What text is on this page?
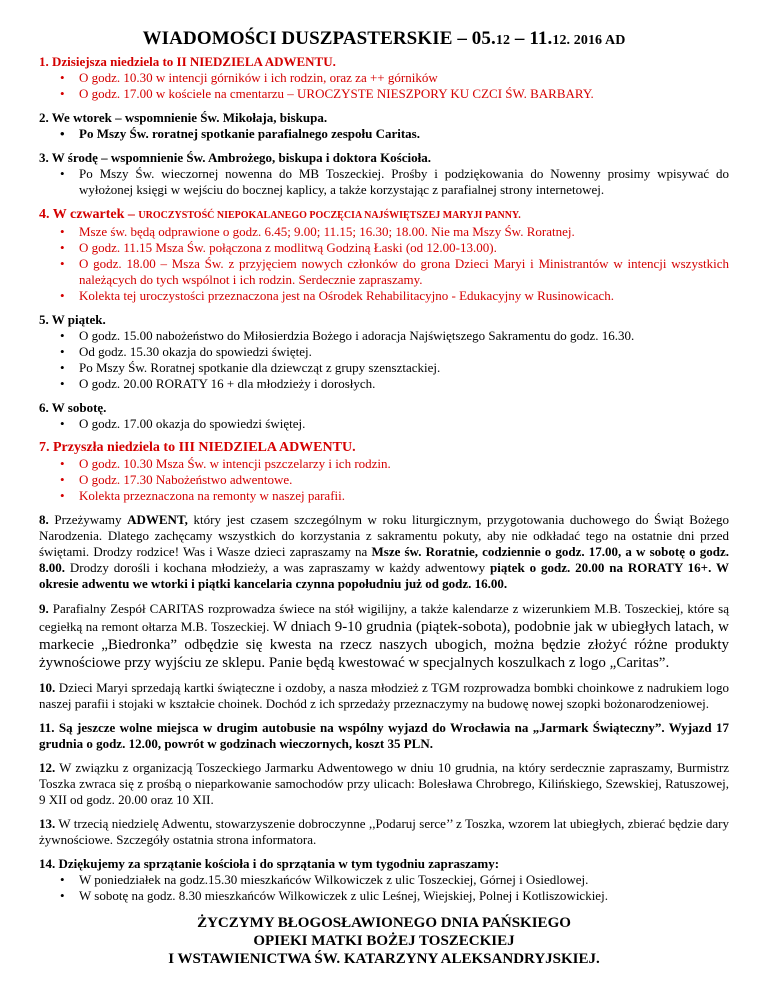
WIADOMOŚCI DUSZPASTERSKIE – 05.12 – 11.12. 2016 AD
1. Dzisiejsza niedziela to II NIEDZIELA ADWENTU.
• O godz. 10.30 w intencji górników i ich rodzin, oraz za ++ górników
• O godz. 17.00 w kościele na cmentarzu – UROCZYSTE NIESZPORY KU CZCI ŚW. BARBARY.
2. We wtorek – wspomnienie Św. Mikołaja, biskupa.
• Po Mszy Św. roratnej spotkanie parafialnego zespołu Caritas.
3. W środę – wspomnienie Św. Ambrożego, biskupa i doktora Kościoła.
• Po Mszy Św. wieczornej nowenna do MB Toszeckiej. Prośby i podziękowania do Nowenny prosimy wpisywać do wyłożonej księgi w wejściu do bocznej kaplicy, a także korzystając z parafialnej strony internetowej.
4. W czwartek – UROCZYSTOŚĆ NIEPOKALANEGO POCZĘCIA NAJŚWIĘTSZEJ MARYJI PANNY.
• Msze św. będą odprawione o godz. 6.45; 9.00; 11.15; 16.30; 18.00. Nie ma Mszy Św. Roratnej.
• O godz. 11.15 Msza Św. połączona z modlitwą Godziną Łaski (od 12.00-13.00).
• O godz. 18.00 – Msza Św. z przyjęciem nowych członków do grona Dzieci Maryi i Ministrantów w intencji wszystkich należących do tych wspólnot i ich rodzin. Serdecznie zapraszamy.
• Kolekta tej uroczystości przeznaczona jest na Ośrodek Rehabilitacyjno - Edukacyjny w Rusinowicach.
5. W piątek.
• O godz. 15.00 nabożeństwo do Miłosierdzia Bożego i adoracja Najświętszego Sakramentu do godz. 16.30.
• Od godz. 15.30 okazja do spowiedzi świętej.
• Po Mszy Św. Roratnej spotkanie dla dziewcząt z grupy szensztackiej.
• O godz. 20.00 RORATY 16 + dla młodzieży i dorosłych.
6. W sobotę.
• O godz. 17.00 okazja do spowiedzi świętej.
7. Przyszła niedziela to III NIEDZIELA ADWENTU.
• O godz. 10.30 Msza Św. w intencji pszczelarzy i ich rodzin.
• O godz. 17.30 Nabożeństwo adwentowe.
• Kolekta przeznaczona na remonty w naszej parafii.
8. Przeżywamy ADWENT, który jest czasem szczególnym w roku liturgicznym, przygotowania duchowego do Świąt Bożego Narodzenia. Dlatego zachęcamy wszystkich do korzystania z sakramentu pokuty, aby nie odkładać tego na ostatnie dni przed świętami. Drodzy rodzice! Was i Wasze dzieci zapraszamy na Msze św. Roratnie, codziennie o godz. 17.00, a w sobotę o godz. 8.00. Drodzy dorośli i kochana młodzieży, a was zapraszamy w każdy adwentowy piątek o godz. 20.00 na RORATY 16+. W okresie adwentu we wtorki i piątki kancelaria czynna popołudniu już od godz. 16.00.
9. Parafialny Zespół CARITAS rozprowadza świece na stół wigilijny, a także kalendarze z wizerunkiem M.B. Toszeckiej, które są cegiełką na remont ołtarza M.B. Toszeckiej. W dniach 9-10 grudnia (piątek-sobota), podobnie jak w ubiegłych latach, w markecie „Biedronka” odbędzie się kwesta na rzecz naszych ubogich, można będzie złożyć różne produkty żywnościowe przy wyjściu ze sklepu. Panie będą kwestować w specjalnych koszulkach z logo „Caritas”.
10. Dzieci Maryi sprzedają kartki świąteczne i ozdoby, a nasza młodzież z TGM rozprowadza bombki choinkowe z nadrukiem logo naszej parafii i stojaki w kształcie choinek. Dochód z ich sprzedaży przeznaczymy na budowę nowej szopki bożonarodzeniowej.
11. Są jeszcze wolne miejsca w drugim autobusie na wspólny wyjazd do Wrocławia na „Jarmark Świąteczny”. Wyjazd 17 grudnia o godz. 12.00, powrót w godzinach wieczornych, koszt 35 PLN.
12. W związku z organizacją Toszeckiego Jarmarku Adwentowego w dniu 10 grudnia, na który serdecznie zapraszamy, Burmistrz Toszka zwraca się z prośbą o nieparkowanie samochodów przy ulicach: Bolesława Chrobrego, Kilińskiego, Szewskiej, Ratuszowej, 9 XII od godz. 20.00 oraz 10 XII.
13. W trzecią niedzielę Adwentu, stowarzyszenie dobroczynne ,,Podaruj serce’’ z Toszka, wzorem lat ubiegłych, zbierać będzie dary żywnościowe. Szczegóły ostatnia strona informatora.
14. Dziękujemy za sprzątanie kościoła i do sprzątania w tym tygodniu zapraszamy:
• W poniedziałek na godz.15.30 mieszkańców Wilkowiczek z ulic Toszeckiej, Górnej i Osiedlowej.
• W sobotę na godz. 8.30 mieszkańców Wilkowiczek z ulic Leśnej, Wiejskiej, Polnej i Kotliszowickiej.
ŻYCZYMY BŁOGOSŁAWIONEGO DNIA PAŃSKIEGO
OPIEKI MATKI BOŻEJ TOSZECKIEJ
I WSTAWIENICTWA ŚW. KATARZYNY ALEKSANDRYJSKIEJ.
